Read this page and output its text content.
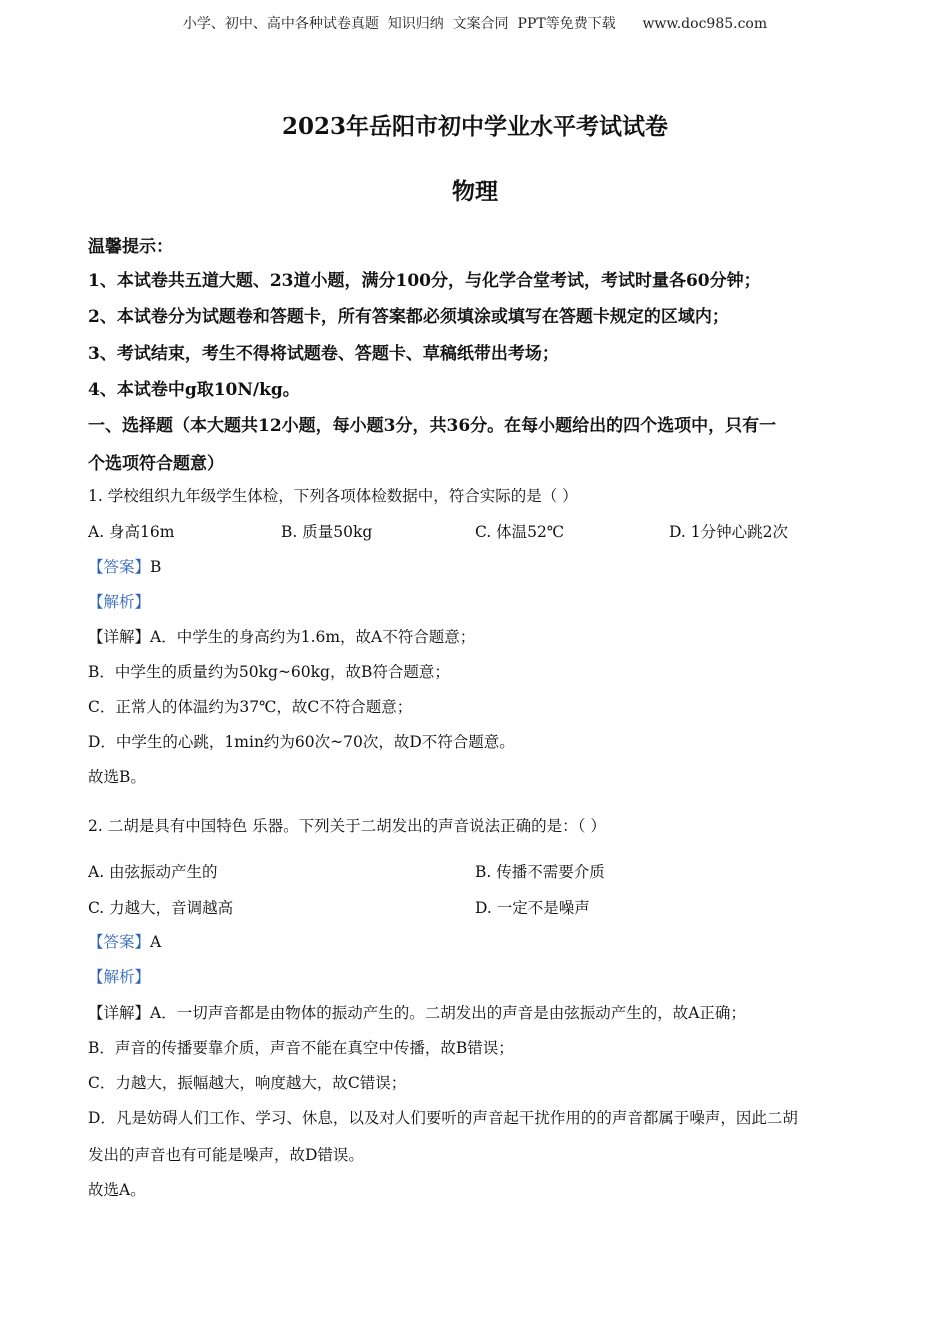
小学、初中、高中各种试卷真题  知识归纳  文案合同  PPT等免费下载      www.doc985.com
2023年岳阳市初中学业水平考试试卷
物理
温馨提示：
1、本试卷共五道大题、23道小题，满分100分，与化学合堂考试，考试时量各60分钟；
2、本试卷分为试题卷和答题卡，所有答案都必须填涂或填写在答题卡规定的区域内；
3、考试结束，考生不得将试题卷、答题卡、草稿纸带出考场；
4、本试卷中g取10N/kg。
一、选择题（本大题共12小题，每小题3分，共36分。在每小题给出的四个选项中，只有一
个选项符合题意）
1. 学校组织九年级学生体检，下列各项体检数据中，符合实际的是（ ）
A. 身高16m	B. 质量50kg	C. 体温52℃	D. 1分钟心跳2次
【答案】B
【解析】
【详解】A．中学生的身高约为1.6m，故A不符合题意；
B．中学生的质量约为50kg~60kg，故B符合题意；
C．正常人的体温约为37℃，故C不符合题意；
D．中学生的心跳，1min约为60次~70次，故D不符合题意。
故选B。
2. 二胡是具有中国特色 乐器。下列关于二胡发出的声音说法正确的是：（ ）
A. 由弦振动产生的	B. 传播不需要介质
C. 力越大，音调越高	D. 一定不是噪声
【答案】A
【解析】
【详解】A．一切声音都是由物体的振动产生的。二胡发出的声音是由弦振动产生的，故A正确；
B．声音的传播要靠介质，声音不能在真空中传播，故B错误；
C．力越大，振幅越大，响度越大，故C错误；
D．凡是妨碍人们工作、学习、休息，以及对人们要听的声音起干扰作用的的声音都属于噪声，因此二胡
发出的声音也有可能是噪声，故D错误。
故选A。
